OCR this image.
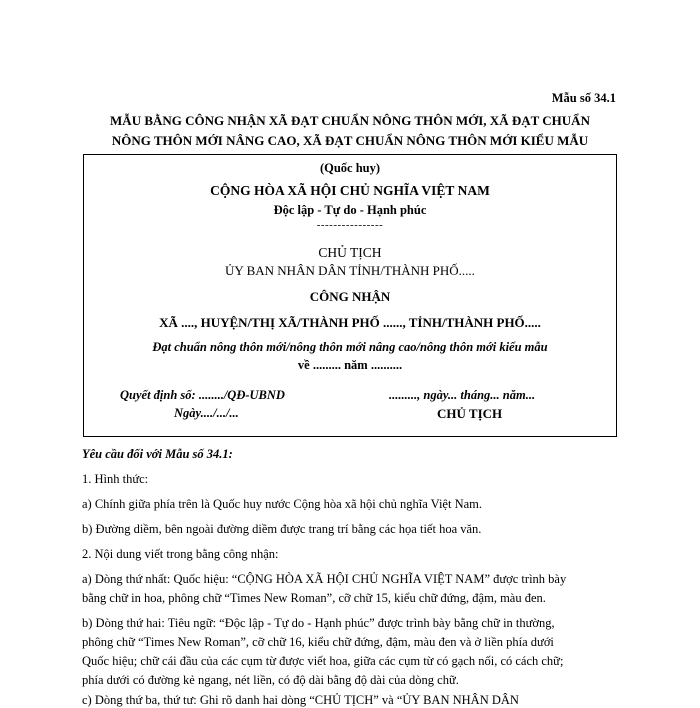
Mẫu số 34.1
MẪU BẰNG CÔNG NHẬN XÃ ĐẠT CHUẨN NÔNG THÔN MỚI, XÃ ĐẠT CHUẨN
NÔNG THÔN MỚI NÂNG CAO, XÃ ĐẠT CHUẨN NÔNG THÔN MỚI KIỂU MẪU
(Quốc huy)
CỘNG HÒA XÃ HỘI CHỦ NGHĨA VIỆT NAM
Độc lập - Tự do - Hạnh phúc
----------------
CHỦ TỊCH
ỦY BAN NHÂN DÂN TỈNH/THÀNH PHỐ.....
CÔNG NHẬN
XÃ ...., HUYỆN/THỊ XÃ/THÀNH PHỐ ......, TỈNH/THÀNH PHỐ.....
Đạt chuẩn nông thôn mới/nông thôn mới nâng cao/nông thôn mới kiểu mẫu
về ......... năm ..........
Quyết định số: ......../QĐ-UBND
Ngày..../.../...
........., ngày... tháng... năm...
CHỦ TỊCH
Yêu cầu đối với Mẫu số 34.1:
1. Hình thức:
a) Chính giữa phía trên là Quốc huy nước Cộng hòa xã hội chủ nghĩa Việt Nam.
b) Đường diềm, bên ngoài đường diềm được trang trí bằng các họa tiết hoa văn.
2. Nội dung viết trong bằng công nhận:
a) Dòng thứ nhất: Quốc hiệu: “CỘNG HÒA XÃ HỘI CHỦ NGHĨA VIỆT NAM” được trình bày
bằng chữ in hoa, phông chữ “Times New Roman”, cỡ chữ 15, kiểu chữ đứng, đậm, màu đen.
b) Dòng thứ hai: Tiêu ngữ: “Độc lập - Tự do - Hạnh phúc” được trình bày bằng chữ in thường,
phông chữ “Times New Roman”, cỡ chữ 16, kiểu chữ đứng, đậm, màu đen và ở liền phía dưới
Quốc hiệu; chữ cái đầu của các cụm từ được viết hoa, giữa các cụm từ có gạch nối, có cách chữ;
phía dưới có đường kẻ ngang, nét liền, có độ dài bằng độ dài của dòng chữ.
c) Dòng thứ ba, thứ tư: Ghi rõ danh hai dòng “CHỦ TỊCH” và “ỦY BAN NHÂN DÂN
